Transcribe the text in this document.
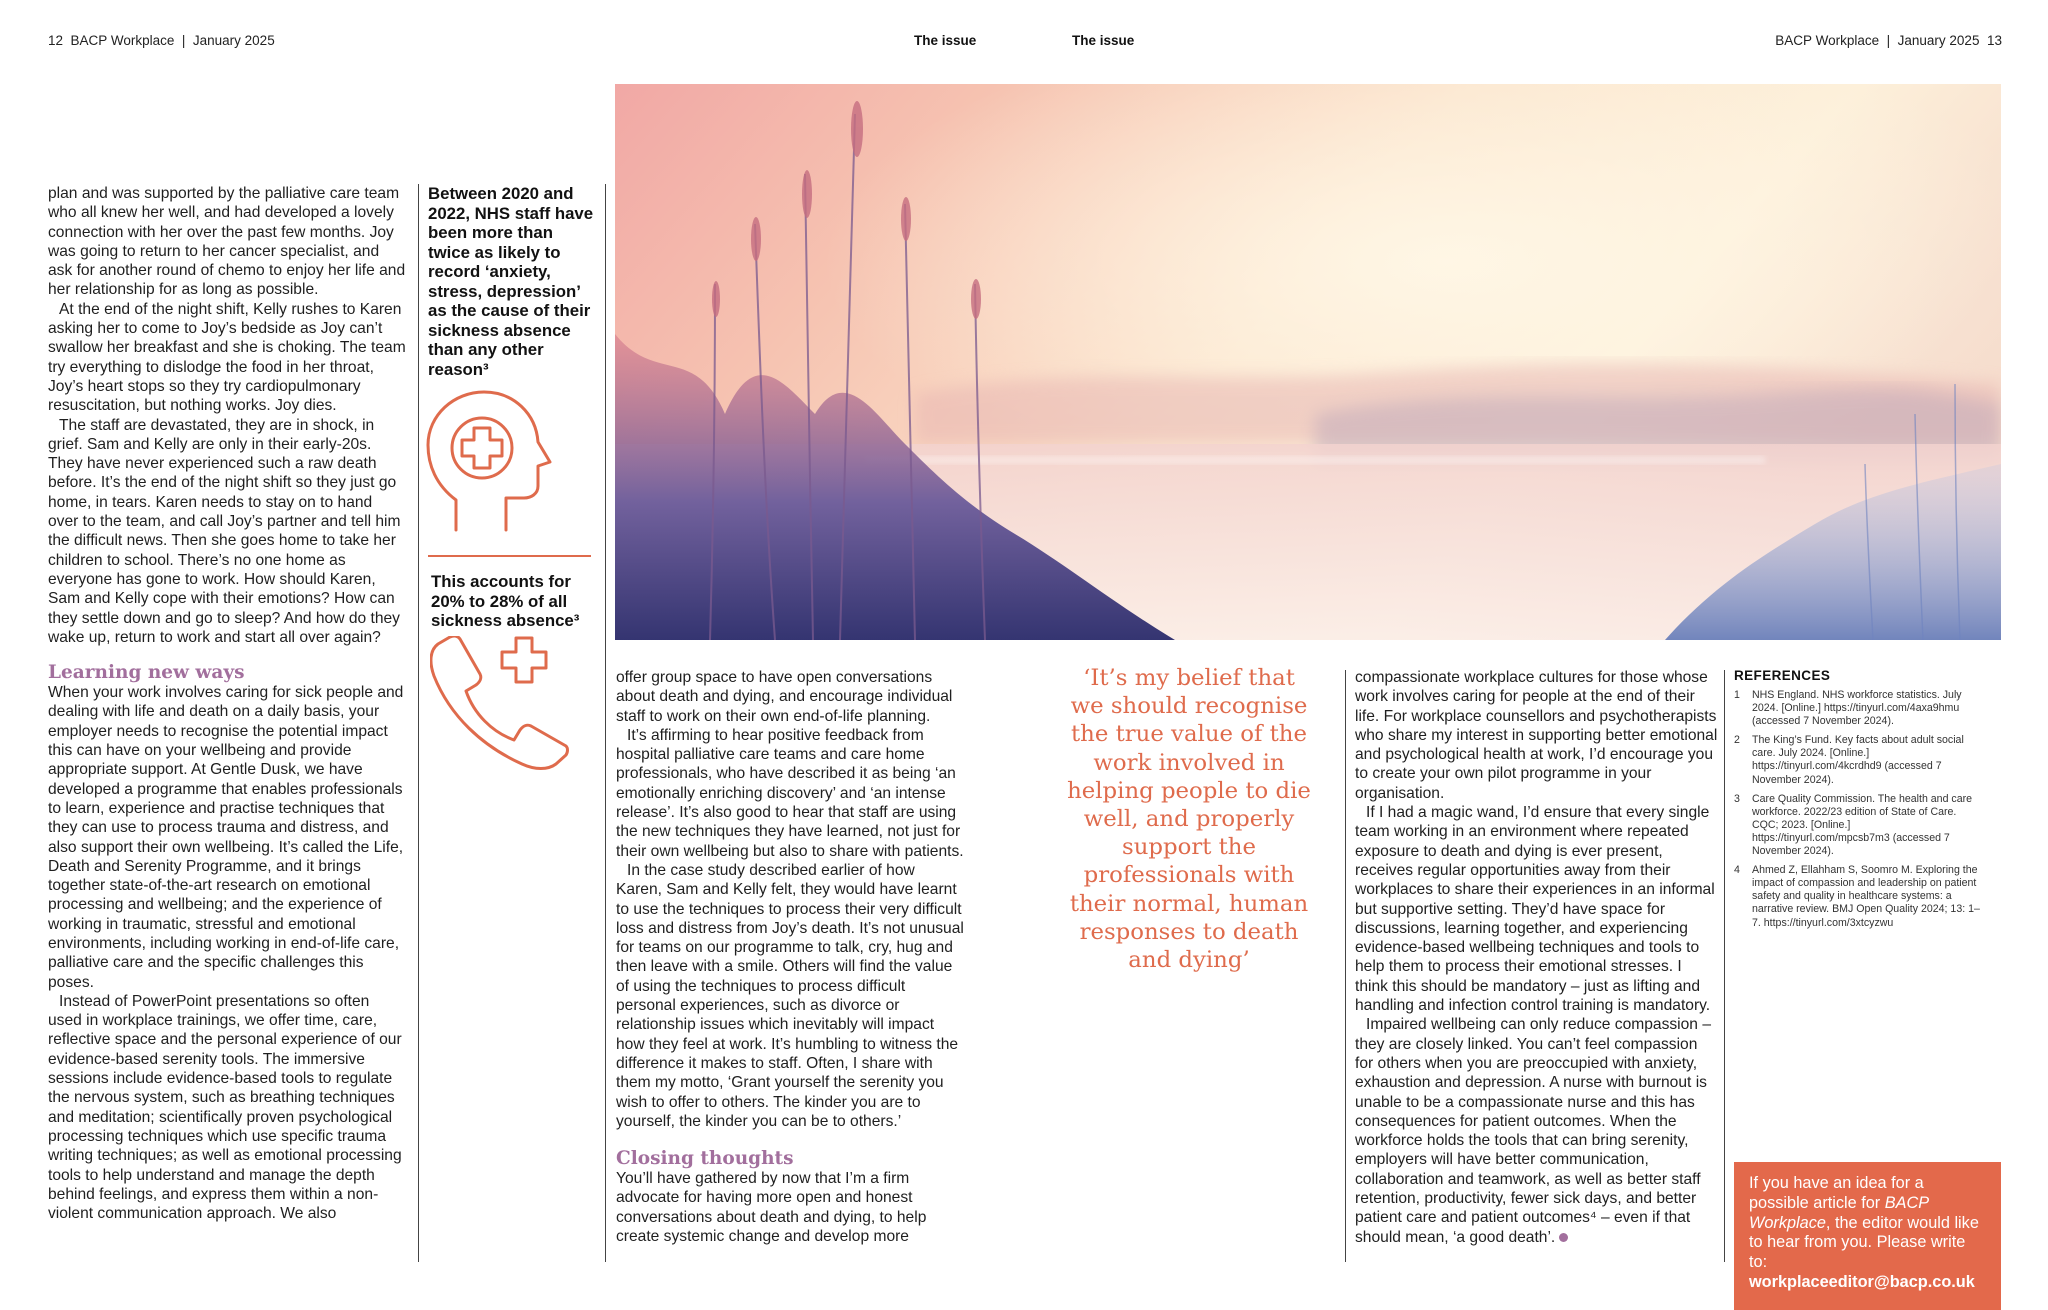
12 BACP Workplace | January 2025	The issue	The issue	BACP Workplace | January 2025 13

plan and was supported by the palliative care team who all knew her well, and had developed a lovely connection with her over the past few months. Joy was going to return to her cancer specialist, and ask for another round of chemo to enjoy her life and her relationship for as long as possible.

At the end of the night shift, Kelly rushes to Karen asking her to come to Joy’s bedside as Joy can’t swallow her breakfast and she is choking. The team try everything to dislodge the food in her throat, Joy’s heart stops so they try cardiopulmonary resuscitation, but nothing works. Joy dies.

The staff are devastated, they are in shock, in grief. Sam and Kelly are only in their early-20s. They have never experienced such a raw death before. It’s the end of the night shift so they just go home, in tears. Karen needs to stay on to hand over to the team, and call Joy’s partner and tell him the difficult news. Then she goes home to take her children to school. There’s no one home as everyone has gone to work. How should Karen, Sam and Kelly cope with their emotions? How can they settle down and go to sleep? And how do they wake up, return to work and start all over again?

Learning new ways

When your work involves caring for sick people and dealing with life and death on a daily basis, your employer needs to recognise the potential impact this can have on your wellbeing and provide appropriate support. At Gentle Dusk, we have developed a programme that enables professionals to learn, experience and practise techniques that they can use to process trauma and distress, and also support their own wellbeing. It’s called the Life, Death and Serenity Programme, and it brings together state-of-the-art research on emotional processing and wellbeing; and the experience of working in traumatic, stressful and emotional environments, including working in end-of-life care, palliative care and the specific challenges this poses.

Instead of PowerPoint presentations so often used in workplace trainings, we offer time, care, reflective space and the personal experience of our evidence-based serenity tools. The immersive sessions include evidence-based tools to regulate the nervous system, such as breathing techniques and meditation; scientifically proven psychological processing techniques which use specific trauma writing techniques; as well as emotional processing tools to help understand and manage the depth behind feelings, and express them within a non-violent communication approach. We also

Between 2020 and 2022, NHS staff have been more than twice as likely to record ‘anxiety, stress, depression’ as the cause of their sickness absence than any other reason³
This accounts for 20% to 28% of all sickness absence³

offer group space to have open conversations about death and dying, and encourage individual staff to work on their own end-of-life planning.

It’s affirming to hear positive feedback from hospital palliative care teams and care home professionals, who have described it as being ‘an emotionally enriching discovery’ and ‘an intense release’. It’s also good to hear that staff are using the new techniques they have learned, not just for their own wellbeing but also to share with patients.

In the case study described earlier of how Karen, Sam and Kelly felt, they would have learnt to use the techniques to process their very difficult loss and distress from Joy’s death. It’s not unusual for teams on our programme to talk, cry, hug and then leave with a smile. Others will find the value of using the techniques to process difficult personal experiences, such as divorce or relationship issues which inevitably will impact how they feel at work. It’s humbling to witness the difference it makes to staff. Often, I share with them my motto, ‘Grant yourself the serenity you wish to offer to others. The kinder you are to yourself, the kinder you can be to others.’

Closing thoughts

You’ll have gathered by now that I’m a firm advocate for having more open and honest conversations about death and dying, to help create systemic change and develop more

‘It’s my belief that we should recognise the true value of the work involved in helping people to die well, and properly support the professionals with their normal, human responses to death and dying’

compassionate workplace cultures for those whose work involves caring for people at the end of their life. For workplace counsellors and psychotherapists who share my interest in supporting better emotional and psychological health at work, I’d encourage you to create your own pilot programme in your organisation.

If I had a magic wand, I’d ensure that every single team working in an environment where repeated exposure to death and dying is ever present, receives regular opportunities away from their workplaces to share their experiences in an informal but supportive setting. They’d have space for discussions, learning together, and experiencing evidence-based wellbeing techniques and tools to help them to process their emotional stresses. I think this should be mandatory – just as lifting and handling and infection control training is mandatory.

Impaired wellbeing can only reduce compassion – they are closely linked. You can’t feel compassion for others when you are preoccupied with anxiety, exhaustion and depression. A nurse with burnout is unable to be a compassionate nurse and this has consequences for patient outcomes. When the workforce holds the tools that can bring serenity, employers will have better communication, collaboration and teamwork, as well as better staff retention, productivity, fewer sick days, and better patient care and patient outcomes⁴ – even if that should mean, ‘a good death’.

REFERENCES
1	NHS England. NHS workforce statistics. July 2024. [Online.] https://tinyurl.com/4axa9hmu (accessed 7 November 2024).
2	The King’s Fund. Key facts about adult social care. July 2024. [Online.] https://tinyurl.com/4kcrdhd9 (accessed 7 November 2024).
3	Care Quality Commission. The health and care workforce. 2022/23 edition of State of Care. CQC; 2023. [Online.] https://tinyurl.com/mpcsb7m3 (accessed 7 November 2024).
4	Ahmed Z, Ellahham S, Soomro M. Exploring the impact of compassion and leadership on patient safety and quality in healthcare systems: a narrative review. BMJ Open Quality 2024; 13: 1–7. https://tinyurl.com/3xtcyzwu
If you have an idea for a possible article for BACP Workplace, the editor would like to hear from you. Please write to:
workplaceeditor@bacp.co.uk
